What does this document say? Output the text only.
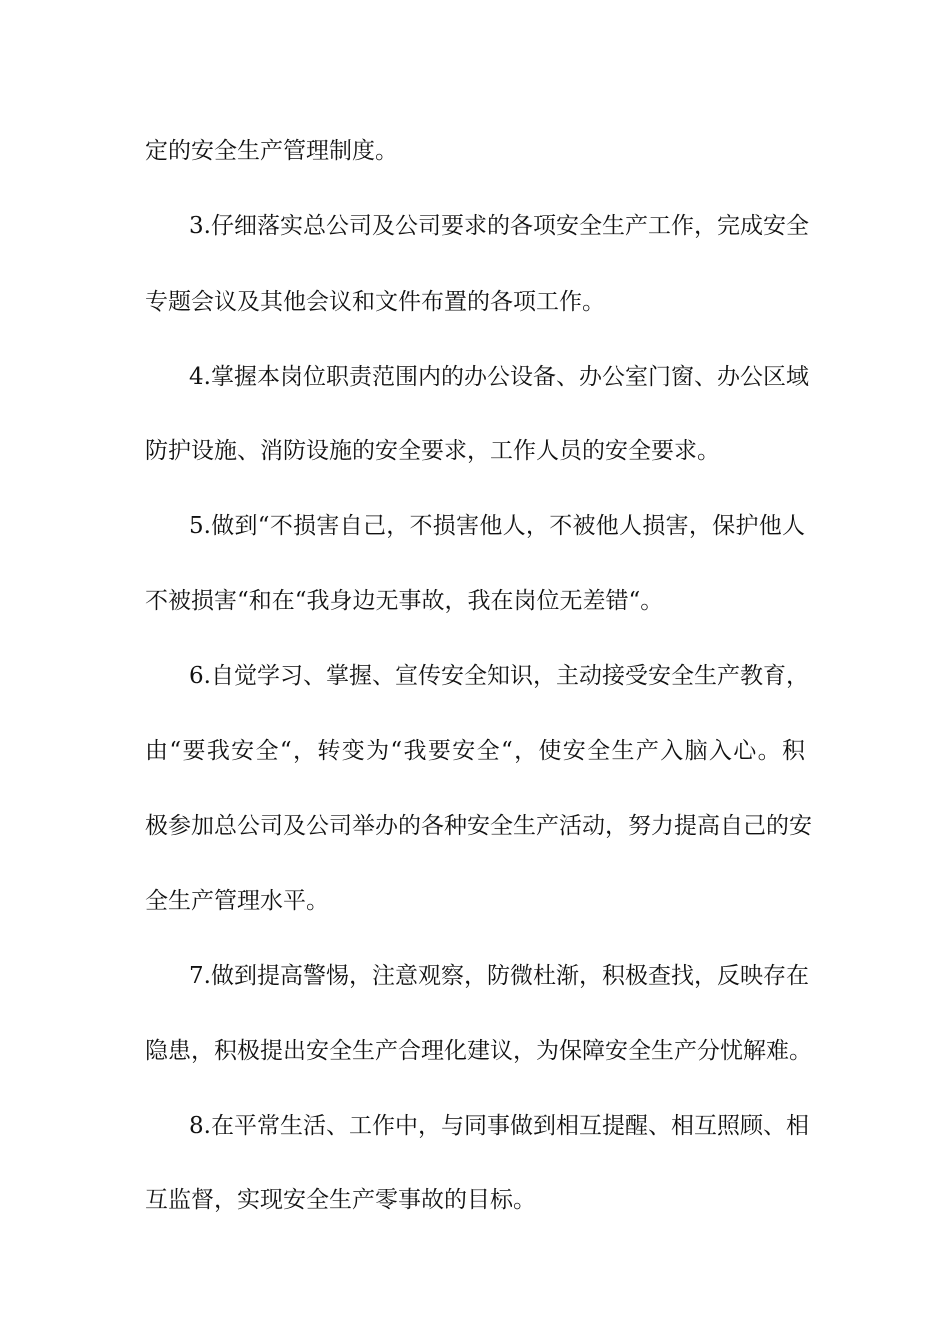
定的安全生产管理制度。
3.仔细落实总公司及公司要求的各项安全生产工作，完成安全
专题会议及其他会议和文件布置的各项工作。
4.掌握本岗位职责范围内的办公设备、办公室门窗、办公区域
防护设施、消防设施的安全要求，工作人员的安全要求。
5.做到“不损害自己，不损害他人，不被他人损害，保护他人
不被损害“和在“我身边无事故，我在岗位无差错“。
6.自觉学习、掌握、宣传安全知识，主动接受安全生产教育，
由“要我安全“，转变为“我要安全“，使安全生产入脑入心。积
极参加总公司及公司举办的各种安全生产活动，努力提高自己的安
全生产管理水平。
7.做到提高警惕，注意观察，防微杜渐，积极查找，反映存在
隐患，积极提出安全生产合理化建议，为保障安全生产分忧解难。
8.在平常生活、工作中，与同事做到相互提醒、相互照顾、相
互监督，实现安全生产零事故的目标。
